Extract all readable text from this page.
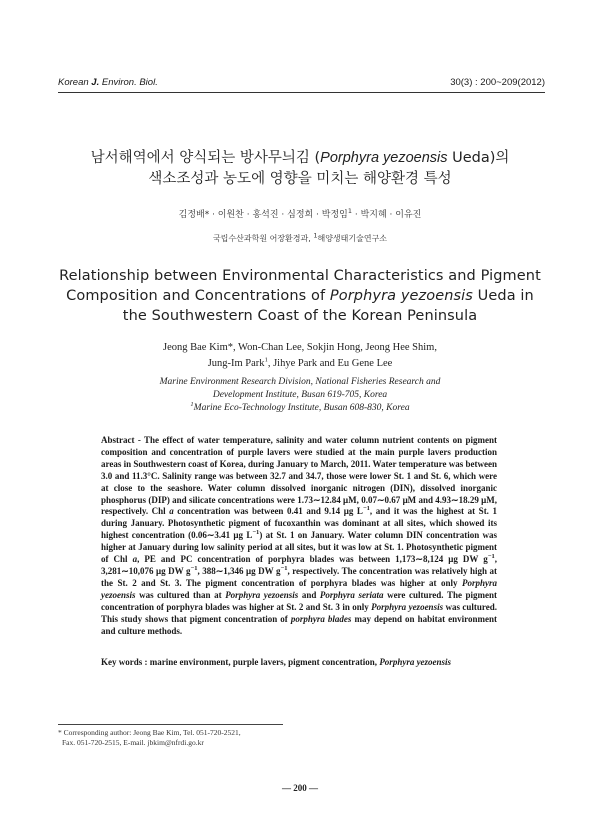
Korean J. Environ. Biol.	30(3) : 200~209(2012)
남서해역에서 양식되는 방사무늬김 (Porphyra yezoensis Ueda)의
색소조성과 농도에 영향을 미치는 해양환경 특성
김정배* · 이원찬 · 홍석진 · 심정희 · 박정임$^1$ · 박지혜 · 이유진
국립수산과학원 어장환경과, $^1$해양생태기술연구소
Relationship between Environmental Characteristics and Pigment
Composition and Concentrations of Porphyra yezoensis Ueda in
the Southwestern Coast of the Korean Peninsula
Jeong Bae Kim*, Won-Chan Lee, Sokjin Hong, Jeong Hee Shim,
Jung-Im Park$^1$, Jihye Park and Eu Gene Lee
Marine Environment Research Division, National Fisheries Research and
Development Institute, Busan 619-705, Korea
$^1$Marine Eco-Technology Institute, Busan 608-830, Korea

Abstract - The effect of water temperature, salinity and water column nutrient contents on pigment composition and concentration of purple lavers were studied at the main purple lavers production areas in Southwestern coast of Korea, during January to March, 2011. Water temperature was between 3.0 and 11.3°C. Salinity range was between 32.7 and 34.7, those were lower St. 1 and St. 6, which were at close to the seashore. Water column dissolved inorganic nitrogen (DIN), dissolved inorganic phosphorus (DIP) and silicate concentrations were 1.73∼12.84 μM, 0.07∼0.67 μM and 4.93∼18.29 μM, respectively. Chl a concentration was between 0.41 and 9.14 μg $L^{-1}$, and it was the highest at St. 1 during January. Photosynthetic pigment of fucoxanthin was dominant at all sites, which showed its highest concentration (0.06∼3.41 μg $L^{-1}$) at St. 1 on January. Water column DIN concentration was higher at January during low salinity period at all sites, but it was low at St. 1. Photosynthetic pigment of Chl a, PE and PC concentration of porphyra blades was between 1,173∼8,124 μg DW $g^{-1}$, 3,281∼10,076 μg DW $g^{-1}$, 388∼1,346 μg DW $g^{-1}$, respectively. The concentration was relatively high at the St. 2 and St. 3. The pigment concentration of porphyra blades was higher at only Porphyra yezoensis was cultured than at Porphyra yezoensis and Porphyra seriata were cultured. The pigment concentration of porphyra blades was higher at St. 2 and St. 3 in only Porphyra yezoensis was cultured. This study shows that pigment concentration of porphyra blades may depend on habitat environment and culture methods.

Key words : marine environment, purple lavers, pigment concentration, Porphyra yezoensis
* Corresponding author: Jeong Bae Kim, Tel. 051-720-2521,
Fax. 051-720-2515, E-mail. jbkim@nfrdi.go.kr
— 200 —
